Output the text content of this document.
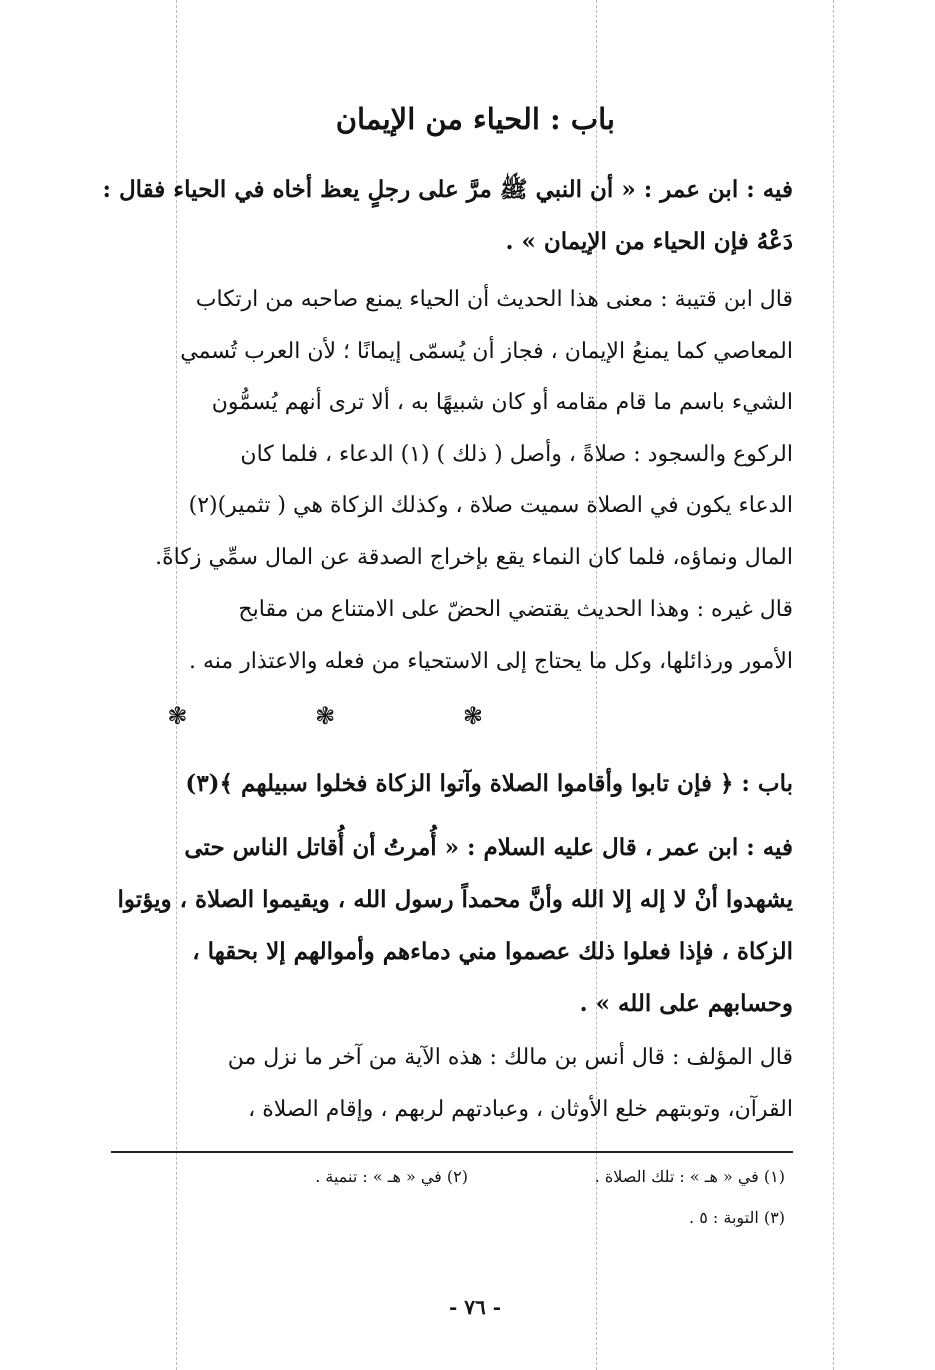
باب : الحياء من الإيمان
فيه : ابن عمر : « أن النبي ﷺ مرَّ على رجلٍ يعظ أخاه في الحياء فقال :
دَعْهُ فإن الحياء من الإيمان » .
قال ابن قتيبة : معنى هذا الحديث أن الحياء يمنع صاحبه من ارتكاب
المعاصي كما يمنعُ الإيمان ، فجاز أن يُسمّى إيمانًا ؛ لأن العرب تُسمي
الشيء باسم ما قام مقامه أو كان شبيهًا به ، ألا ترى أنهم يُسمُّون
الركوع والسجود : صلاةً ، وأصل ( ذلك ) (١) الدعاء ، فلما كان
الدعاء يكون في الصلاة سميت صلاة ، وكذلك الزكاة هي ( تثمير)(٢)
المال ونماؤه، فلما كان النماء يقع بإخراج الصدقة عن المال سمِّي زكاةً.
قال غيره : وهذا الحديث يقتضي الحضّ على الامتناع من مقابح
الأمور ورذائلها، وكل ما يحتاج إلى الاستحياء من فعله والاعتذار منه .
❃ ❃ ❃
باب : ﴿ فإن تابوا وأقاموا الصلاة وآتوا الزكاة فخلوا سبيلهم ﴾(٣)
فيه : ابن عمر ، قال عليه السلام : « أُمرتُ أن أُقاتل الناس حتى
يشهدوا أنْ لا إله إلا الله وأنَّ محمداً رسول الله ، ويقيموا الصلاة ، ويؤتوا
الزكاة ، فإذا فعلوا ذلك عصموا مني دماءهم وأموالهم إلا بحقها ،
وحسابهم على الله » .
قال المؤلف : قال أنس بن مالك : هذه الآية من آخر ما نزل من
القرآن، وتوبتهم خلع الأوثان ، وعبادتهم لربهم ، وإقام الصلاة ،
(١) في « هـ » : تلك الصلاة .
(٢) في « هـ » : تنمية .
(٣) التوبة : ٥ .
- ٧٦ -
